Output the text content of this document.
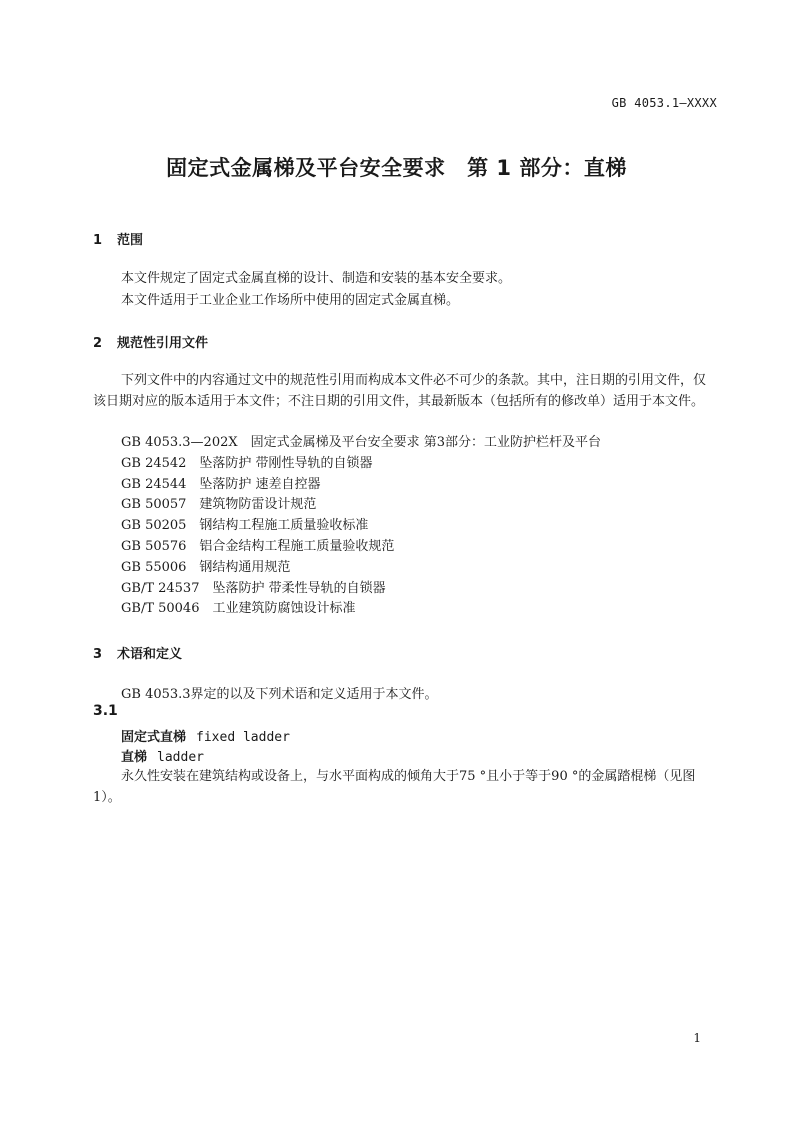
GB 4053.1—XXXX
固定式金属梯及平台安全要求　第 1 部分：直梯
1 范围
本文件规定了固定式金属直梯的设计、制造和安装的基本安全要求。
本文件适用于工业企业工作场所中使用的固定式金属直梯。
2 规范性引用文件
下列文件中的内容通过文中的规范性引用而构成本文件必不可少的条款。其中，注日期的引用文件，仅该日期对应的版本适用于本文件；不注日期的引用文件，其最新版本（包括所有的修改单）适用于本文件。
GB 4053.3—202X　固定式金属梯及平台安全要求 第3部分：工业防护栏杆及平台
GB 24542　坠落防护 带刚性导轨的自锁器
GB 24544　坠落防护 速差自控器
GB 50057　建筑物防雷设计规范
GB 50205　钢结构工程施工质量验收标准
GB 50576　铝合金结构工程施工质量验收规范
GB 55006　钢结构通用规范
GB/T 24537　坠落防护 带柔性导轨的自锁器
GB/T 50046　工业建筑防腐蚀设计标准
3 术语和定义
GB 4053.3界定的以及下列术语和定义适用于本文件。
3.1
固定式直梯 fixed ladder
直梯 ladder
永久性安装在建筑结构或设备上，与水平面构成的倾角大于75 °且小于等于90 °的金属踏棍梯（见图1）。
1
